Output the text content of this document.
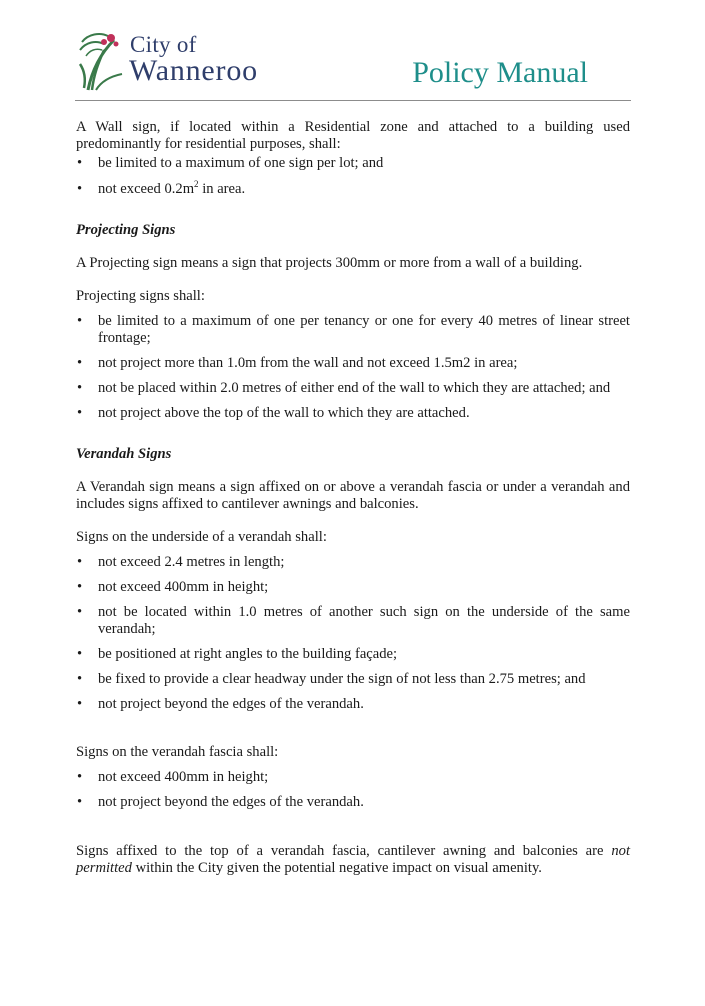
City of
Wanneroo	Policy Manual

A Wall sign, if located within a Residential zone and attached to a building used predominantly for residential purposes, shall:

• be limited to a maximum of one sign per lot; and
• not exceed $0.2m^2$ in area.
Projecting Signs

A Projecting sign means a sign that projects 300mm or more from a wall of a building.

Projecting signs shall:

• be limited to a maximum of one per tenancy or one for every 40 metres of linear street frontage;
• not project more than 1.0m from the wall and not exceed 1.5m2 in area;
• not be placed within 2.0 metres of either end of the wall to which they are attached; and
• not project above the top of the wall to which they are attached.
Verandah Signs

A Verandah sign means a sign affixed on or above a verandah fascia or under a verandah and includes signs affixed to cantilever awnings and balconies.

Signs on the underside of a verandah shall:

• not exceed 2.4 metres in length;
• not exceed 400mm in height;
• not be located within 1.0 metres of another such sign on the underside of the same verandah;
• be positioned at right angles to the building façade;
• be fixed to provide a clear headway under the sign of not less than 2.75 metres; and
• not project beyond the edges of the verandah.

Signs on the verandah fascia shall:

• not exceed 400mm in height;
• not project beyond the edges of the verandah.

Signs affixed to the top of a verandah fascia, cantilever awning and balconies are not permitted within the City given the potential negative impact on visual amenity.
